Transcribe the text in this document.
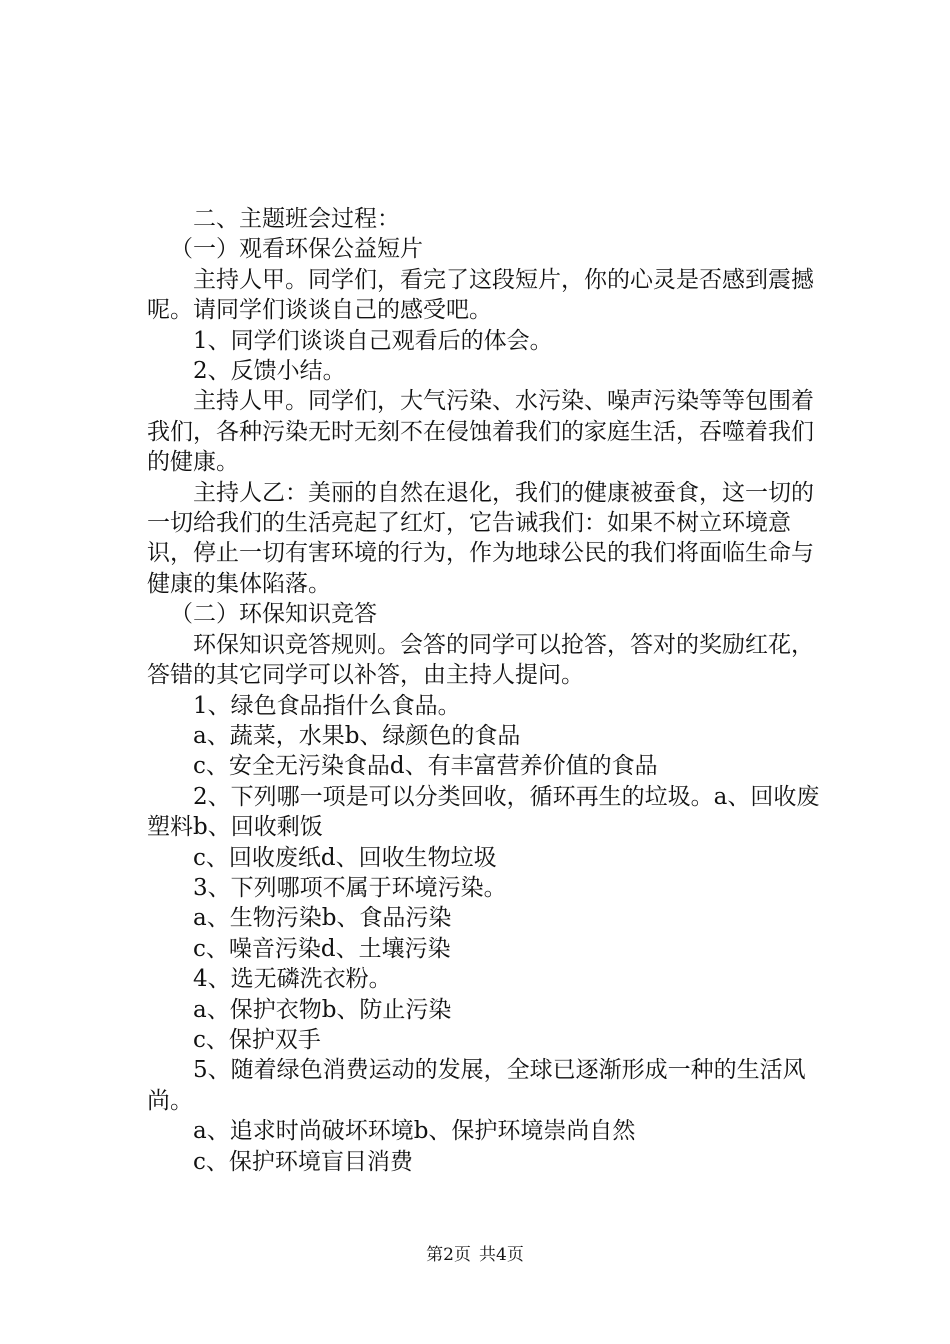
二、主题班会过程：

（一）观看环保公益短片

主持人甲。同学们，看完了这段短片，你的心灵是否感到震撼呢。请同学们谈谈自己的感受吧。

1、同学们谈谈自己观看后的体会。

2、反馈小结。

主持人甲。同学们，大气污染、水污染、噪声污染等等包围着我们，各种污染无时无刻不在侵蚀着我们的家庭生活，吞噬着我们的健康。

主持人乙：美丽的自然在退化，我们的健康被蚕食，这一切的一切给我们的生活亮起了红灯，它告诫我们：如果不树立环境意识，停止一切有害环境的行为，作为地球公民的我们将面临生命与健康的集体陷落。

（二）环保知识竞答

环保知识竞答规则。会答的同学可以抢答，答对的奖励红花，答错的其它同学可以补答，由主持人提问。

1、绿色食品指什么食品。

a、蔬菜，水果b、绿颜色的食品

c、安全无污染食品d、有丰富营养价值的食品

2、下列哪一项是可以分类回收，循环再生的垃圾。a、回收废塑料b、回收剩饭

c、回收废纸d、回收生物垃圾

3、下列哪项不属于环境污染。

a、生物污染b、食品污染

c、噪音污染d、土壤污染

4、选无磷洗衣粉。

a、保护衣物b、防止污染

c、保护双手

5、随着绿色消费运动的发展，全球已逐渐形成一种的生活风尚。

a、追求时尚破坏环境b、保护环境崇尚自然

c、保护环境盲目消费

第2页 共4页
